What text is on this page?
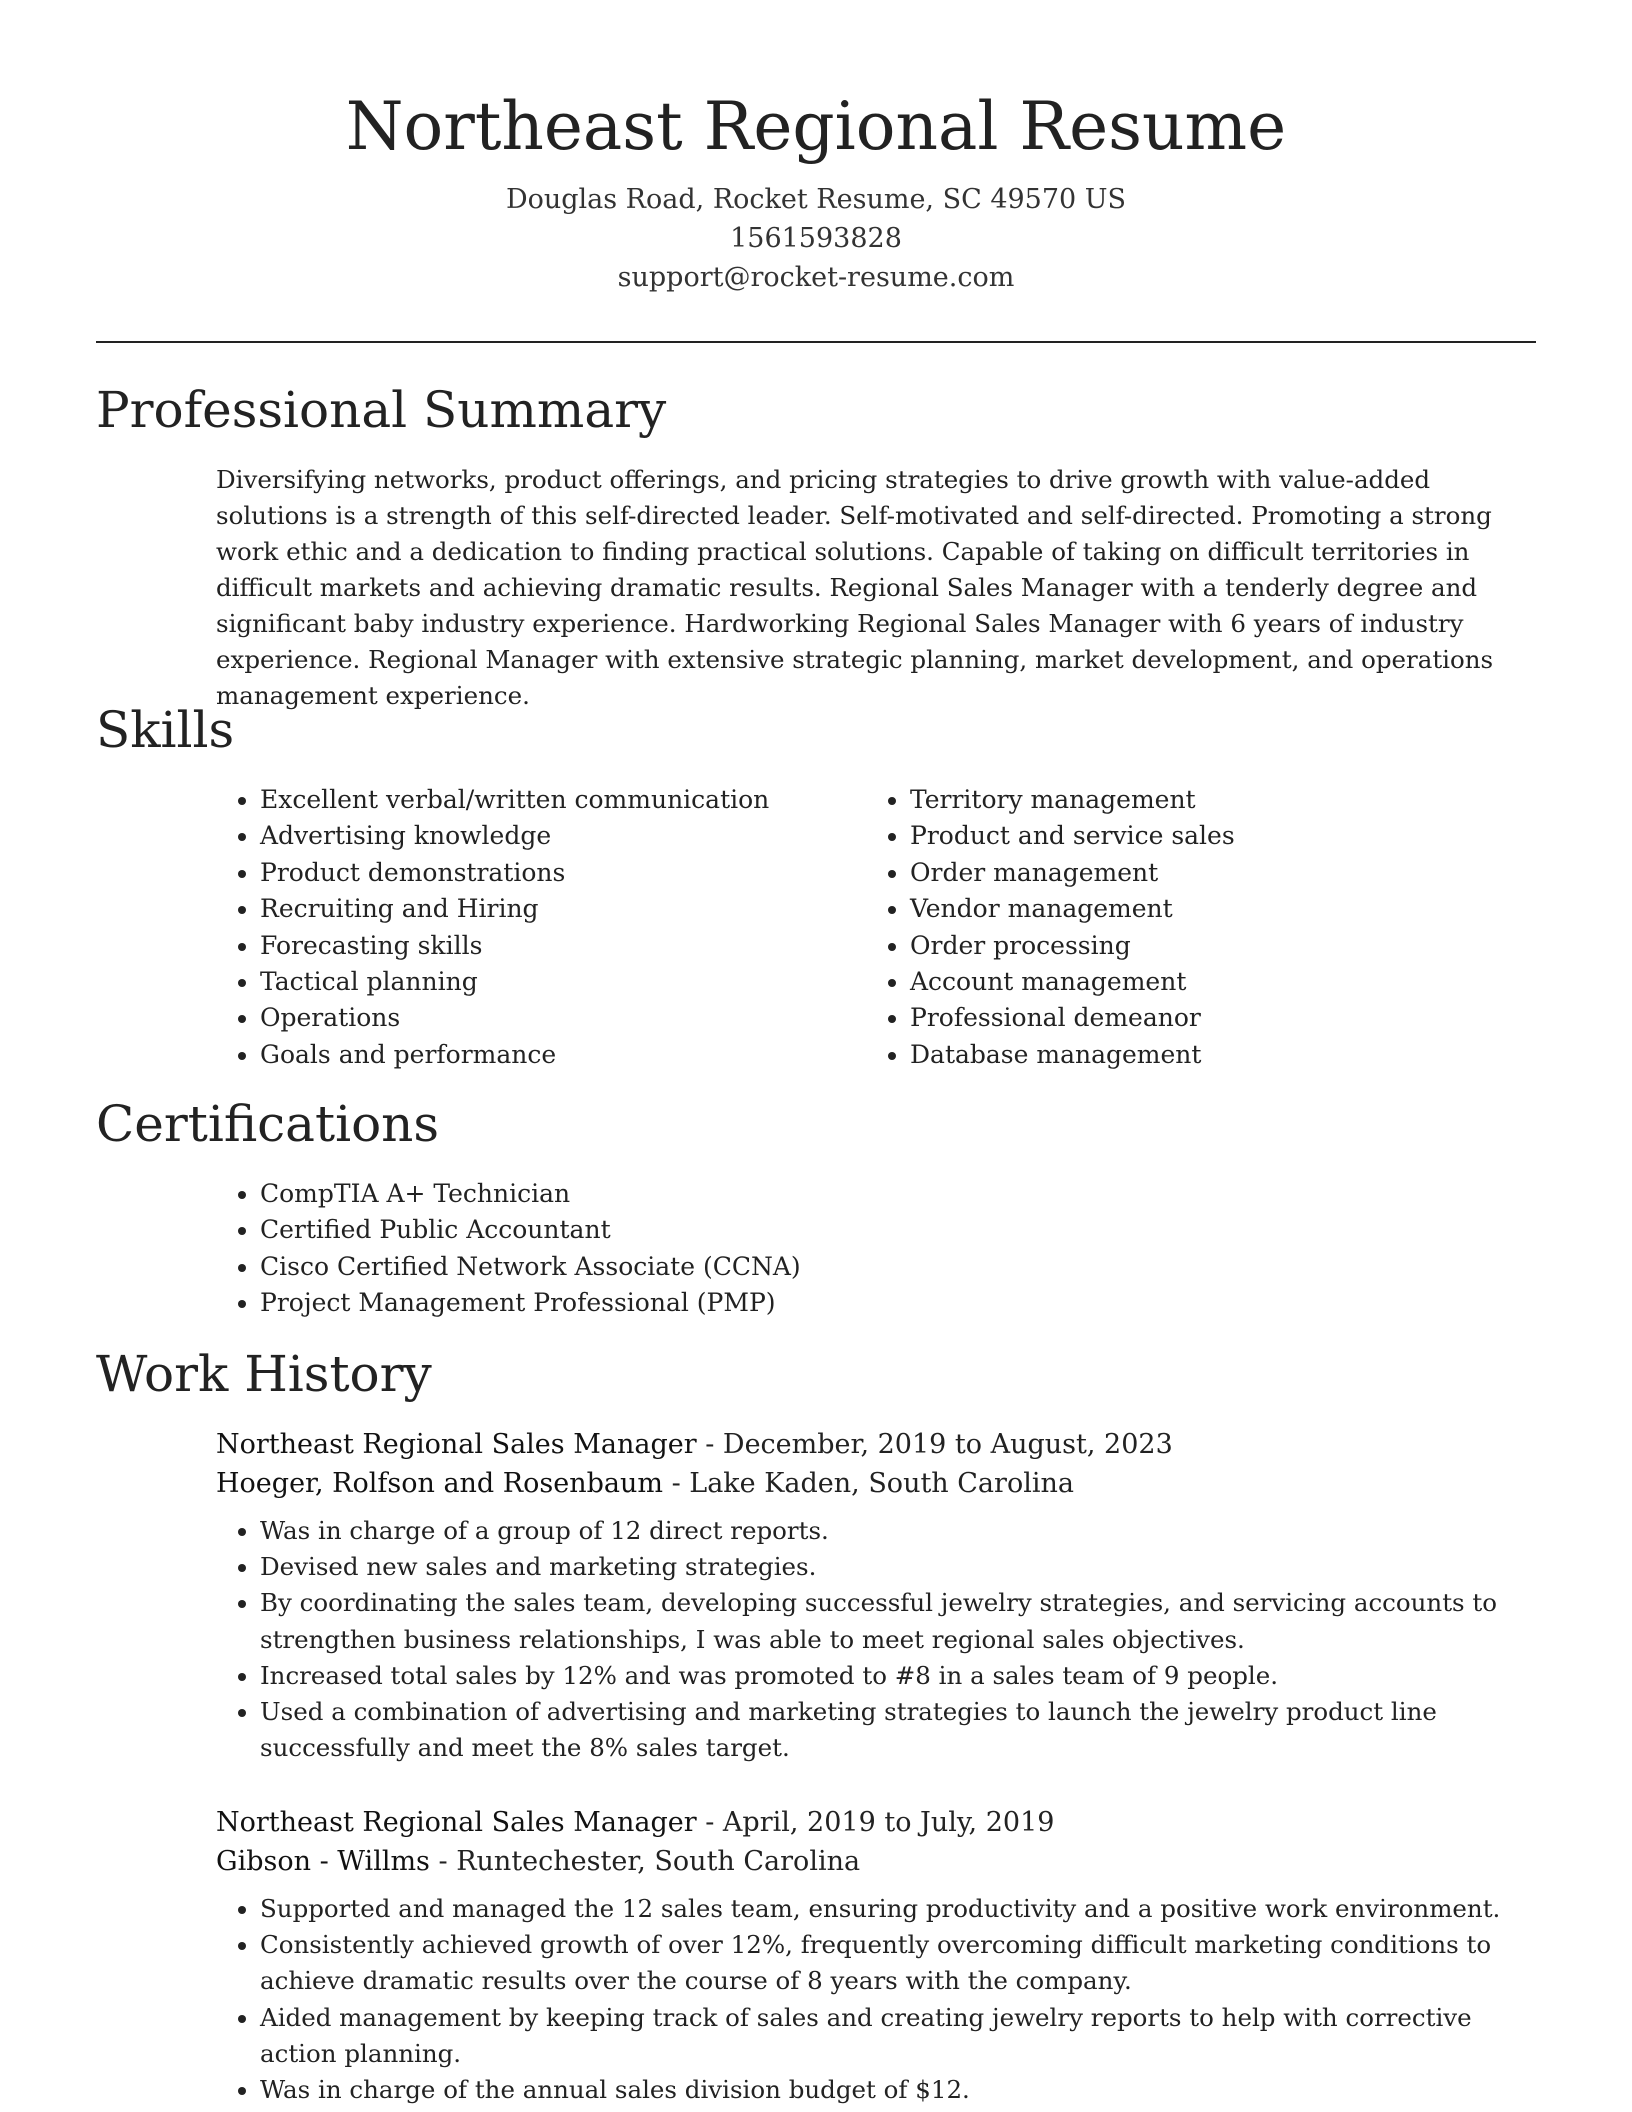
Northeast Regional Resume
Douglas Road, Rocket Resume, SC 49570 US
1561593828
support@rocket-resume.com
Professional Summary

Diversifying networks, product offerings, and pricing strategies to drive growth with value-added solutions is a strength of this self-directed leader. Self-motivated and self-directed. Promoting a strong work ethic and a dedication to finding practical solutions. Capable of taking on difficult territories in difficult markets and achieving dramatic results. Regional Sales Manager with a tenderly degree and significant baby industry experience. Hardworking Regional Sales Manager with 6 years of industry experience. Regional Manager with extensive strategic planning, market development, and operations management experience.

Skills
• Excellent verbal/written communication
• Advertising knowledge
• Product demonstrations
• Recruiting and Hiring
• Forecasting skills
• Tactical planning
• Operations
• Goals and performance
• Territory management
• Product and service sales
• Order management
• Vendor management
• Order processing
• Account management
• Professional demeanor
• Database management
Certifications
• CompTIA A+ Technician
• Certified Public Accountant
• Cisco Certified Network Associate (CCNA)
• Project Management Professional (PMP)
Work History
Northeast Regional Sales Manager - December, 2019 to August, 2023
Hoeger, Rolfson and Rosenbaum - Lake Kaden, South Carolina
• Was in charge of a group of 12 direct reports.
• Devised new sales and marketing strategies.
• By coordinating the sales team, developing successful jewelry strategies, and servicing accounts to strengthen business relationships, I was able to meet regional sales objectives.
• Increased total sales by 12% and was promoted to #8 in a sales team of 9 people.
• Used a combination of advertising and marketing strategies to launch the jewelry product line successfully and meet the 8% sales target.
Northeast Regional Sales Manager - April, 2019 to July, 2019
Gibson - Willms - Runtechester, South Carolina
• Supported and managed the 12 sales team, ensuring productivity and a positive work environment.
• Consistently achieved growth of over 12%, frequently overcoming difficult marketing conditions to achieve dramatic results over the course of 8 years with the company.
• Aided management by keeping track of sales and creating jewelry reports to help with corrective action planning.
• Was in charge of the annual sales division budget of $12.
